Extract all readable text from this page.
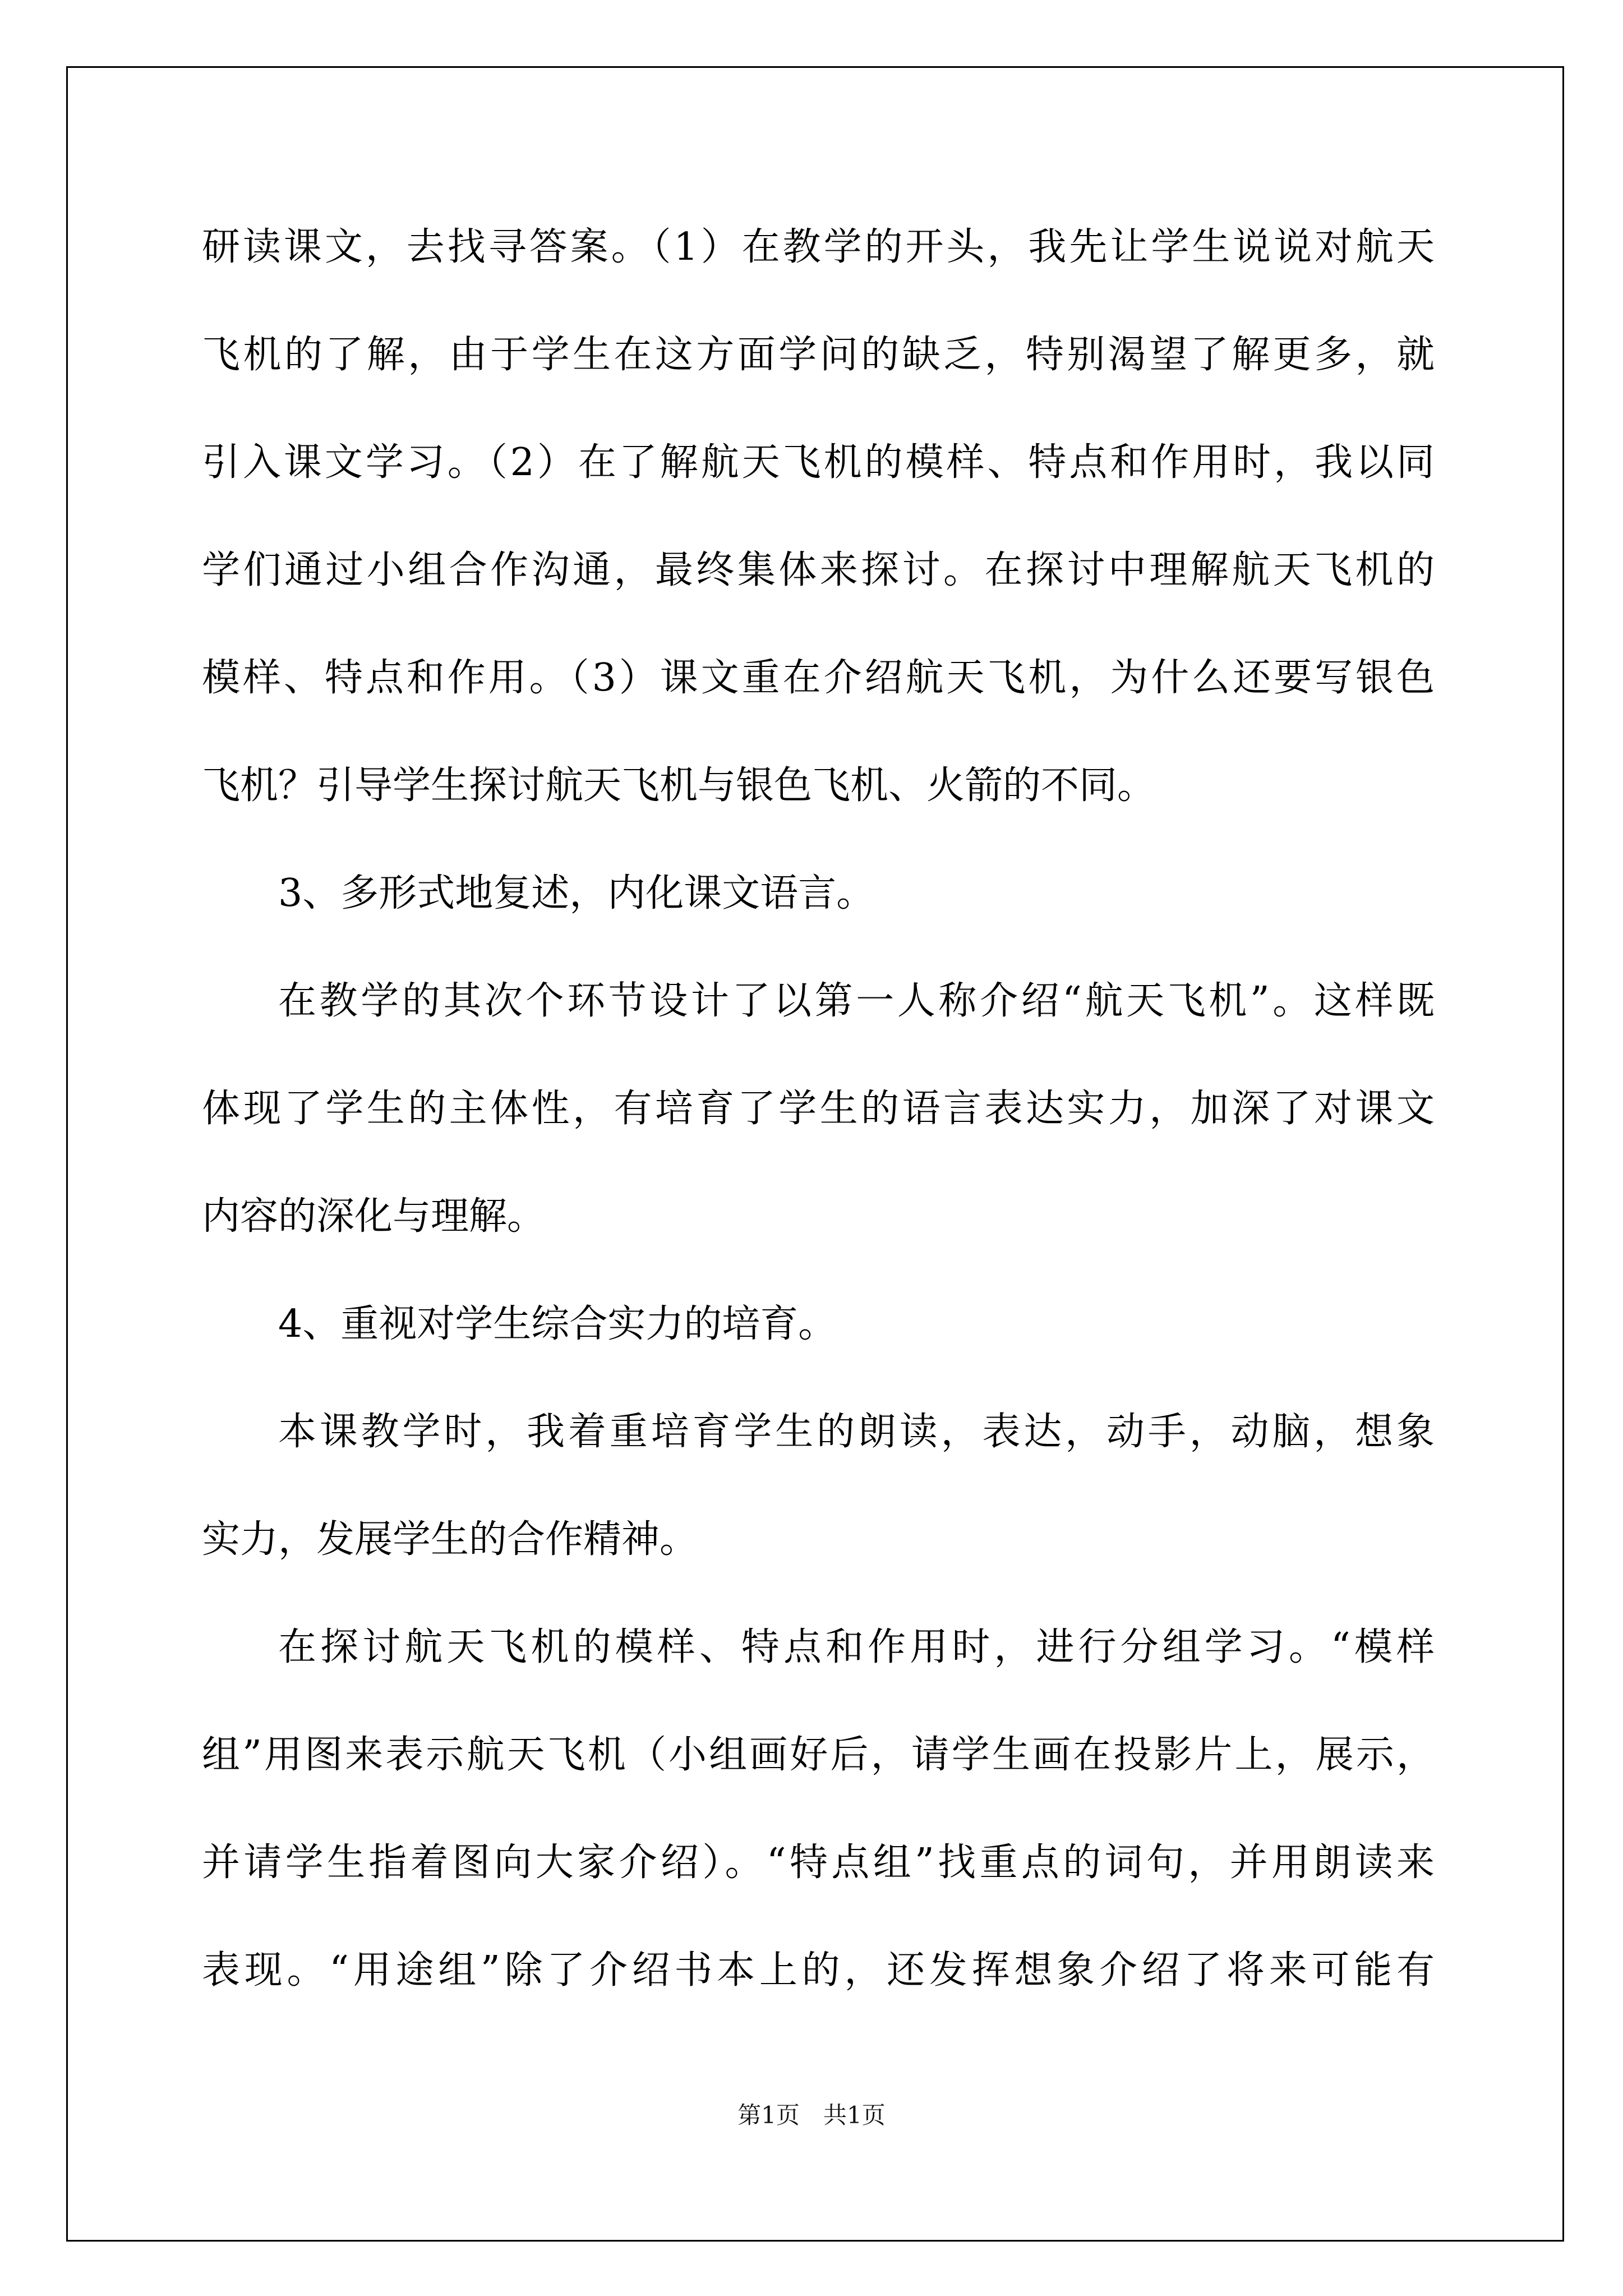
研读课文，去找寻答案。（1）在教学的开头，我先让学生说说对航天
飞机的了解，由于学生在这方面学问的缺乏，特别渴望了解更多，就
引入课文学习。（2）在了解航天飞机的模样、特点和作用时，我以同
学们通过小组合作沟通，最终集体来探讨。在探讨中理解航天飞机的
模样、特点和作用。（3）课文重在介绍航天飞机，为什么还要写银色
飞机？引导学生探讨航天飞机与银色飞机、火箭的不同。
3、多形式地复述，内化课文语言。
在教学的其次个环节设计了以第一人称介绍“航天飞机”。这样既
体现了学生的主体性，有培育了学生的语言表达实力，加深了对课文
内容的深化与理解。
4、重视对学生综合实力的培育。
本课教学时，我着重培育学生的朗读，表达，动手，动脑，想象
实力，发展学生的合作精神。
在探讨航天飞机的模样、特点和作用时，进行分组学习。“模样
组”用图来表示航天飞机（小组画好后，请学生画在投影片上，展示，
并请学生指着图向大家介绍）。“特点组”找重点的词句，并用朗读来
表现。“用途组”除了介绍书本上的，还发挥想象介绍了将来可能有
第1页 共1页
